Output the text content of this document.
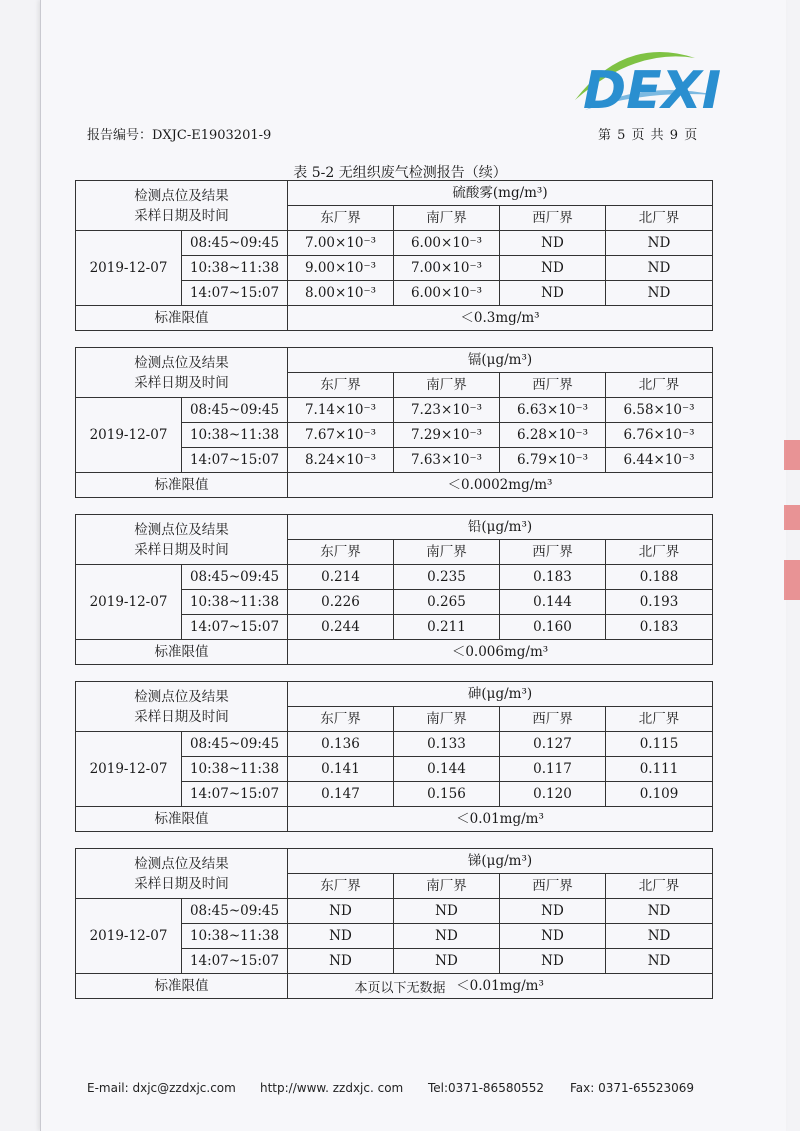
DEXI
报告编号：DXJC-E1903201-9	第 5 页 共 9 页
表 5-2 无组织废气检测报告（续）
检测点位及结果
采样日期及时间		硫酸雾(mg/m³)			
		东厂界	南厂界	西厂界	北厂界
2019-12-07	08:45~09:45	7.00×10⁻³	6.00×10⁻³	ND	ND
	10:38~11:38	9.00×10⁻³	7.00×10⁻³	ND	ND
	14:07~15:07	8.00×10⁻³	6.00×10⁻³	ND	ND
标准限值		＜0.3mg/m³			
检测点位及结果
采样日期及时间		镉(μg/m³)			
		东厂界	南厂界	西厂界	北厂界
2019-12-07	08:45~09:45	7.14×10⁻³	7.23×10⁻³	6.63×10⁻³	6.58×10⁻³
	10:38~11:38	7.67×10⁻³	7.29×10⁻³	6.28×10⁻³	6.76×10⁻³
	14:07~15:07	8.24×10⁻³	7.63×10⁻³	6.79×10⁻³	6.44×10⁻³
标准限值		＜0.0002mg/m³			
检测点位及结果
采样日期及时间		铅(μg/m³)			
		东厂界	南厂界	西厂界	北厂界
2019-12-07	08:45~09:45	0.214	0.235	0.183	0.188
	10:38~11:38	0.226	0.265	0.144	0.193
	14:07~15:07	0.244	0.211	0.160	0.183
标准限值		＜0.006mg/m³			
检测点位及结果
采样日期及时间		砷(μg/m³)			
		东厂界	南厂界	西厂界	北厂界
2019-12-07	08:45~09:45	0.136	0.133	0.127	0.115
	10:38~11:38	0.141	0.144	0.117	0.111
	14:07~15:07	0.147	0.156	0.120	0.109
标准限值		＜0.01mg/m³			
检测点位及结果
采样日期及时间		锑(μg/m³)			
		东厂界	南厂界	西厂界	北厂界
2019-12-07	08:45~09:45	ND	ND	ND	ND
	10:38~11:38	ND	ND	ND	ND
	14:07~15:07	ND	ND	ND	ND
标准限值		＜0.01mg/m³			
本页以下无数据
E-mail: dxjc@zzdxjc.com http://www. zzdxjc. com Tel:0371-86580552 Fax: 0371-65523069
